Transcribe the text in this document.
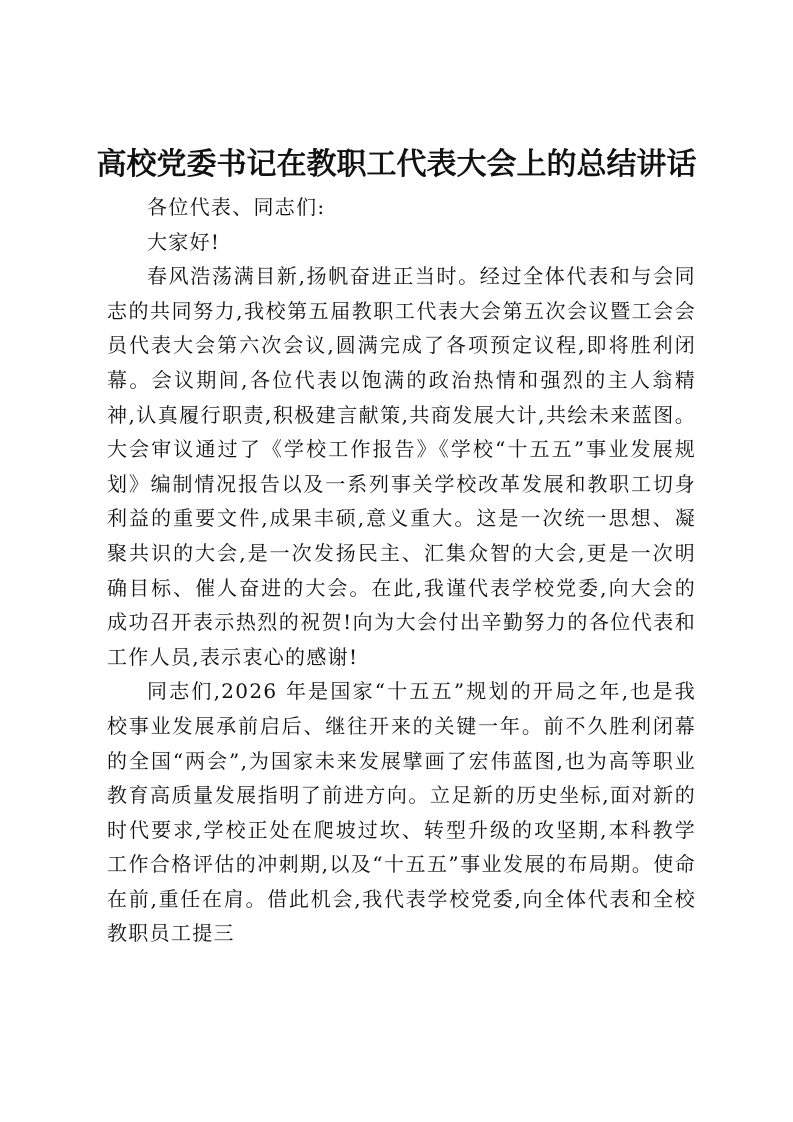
高校党委书记在教职工代表大会上的总结讲话

各位代表、同志们:

大家好!

春风浩荡满目新,扬帆奋进正当时。经过全体代表和与会同志的共同努力,我校第五届教职工代表大会第五次会议暨工会会员代表大会第六次会议,圆满完成了各项预定议程,即将胜利闭幕。会议期间,各位代表以饱满的政治热情和强烈的主人翁精神,认真履行职责,积极建言献策,共商发展大计,共绘未来蓝图。大会审议通过了《学校工作报告》《学校“十五五”事业发展规划》编制情况报告以及一系列事关学校改革发展和教职工切身利益的重要文件,成果丰硕,意义重大。这是一次统一思想、凝聚共识的大会,是一次发扬民主、汇集众智的大会,更是一次明确目标、催人奋进的大会。在此,我谨代表学校党委,向大会的成功召开表示热烈的祝贺!向为大会付出辛勤努力的各位代表和工作人员,表示衷心的感谢!

同志们,2026 年是国家“十五五”规划的开局之年,也是我校事业发展承前启后、继往开来的关键一年。前不久胜利闭幕的全国“两会”,为国家未来发展擘画了宏伟蓝图,也为高等职业教育高质量发展指明了前进方向。立足新的历史坐标,面对新的时代要求,学校正处在爬坡过坎、转型升级的攻坚期,本科教学工作合格评估的冲刺期,以及“十五五”事业发展的布局期。使命在前,重任在肩。借此机会,我代表学校党委,向全体代表和全校教职员工提三
